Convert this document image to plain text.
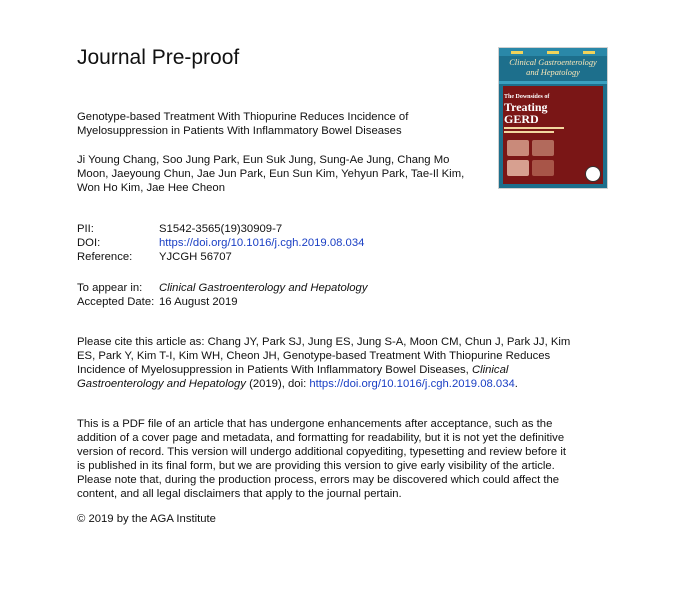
Journal Pre-proof	Clinical Gastroenterology and Hepatology
The Downsides of
Treating
GERD
Genotype-based Treatment With Thiopurine Reduces Incidence of Myelosuppression in Patients With Inflammatory Bowel Diseases
Ji Young Chang, Soo Jung Park, Eun Suk Jung, Sung-Ae Jung, Chang Mo Moon, Jaeyoung Chun, Jae Jun Park, Eun Sun Kim, Yehyun Park, Tae-Il Kim, Won Ho Kim, Jae Hee Cheon
PII:	S1542-3565(19)30909-7
DOI:	https://doi.org/10.1016/j.cgh.2019.08.034
Reference:	YJCGH 56707
To appear in:	Clinical Gastroenterology and Hepatology
Accepted Date: 16 August 2019
Please cite this article as: Chang JY, Park SJ, Jung ES, Jung S-A, Moon CM, Chun J, Park JJ, Kim ES, Park Y, Kim T-I, Kim WH, Cheon JH, Genotype-based Treatment With Thiopurine Reduces Incidence of Myelosuppression in Patients With Inflammatory Bowel Diseases, Clinical Gastroenterology and Hepatology (2019), doi: https://doi.org/10.1016/j.cgh.2019.08.034.
This is a PDF file of an article that has undergone enhancements after acceptance, such as the addition of a cover page and metadata, and formatting for readability, but it is not yet the definitive version of record. This version will undergo additional copyediting, typesetting and review before it is published in its final form, but we are providing this version to give early visibility of the article. Please note that, during the production process, errors may be discovered which could affect the content, and all legal disclaimers that apply to the journal pertain.
© 2019 by the AGA Institute
